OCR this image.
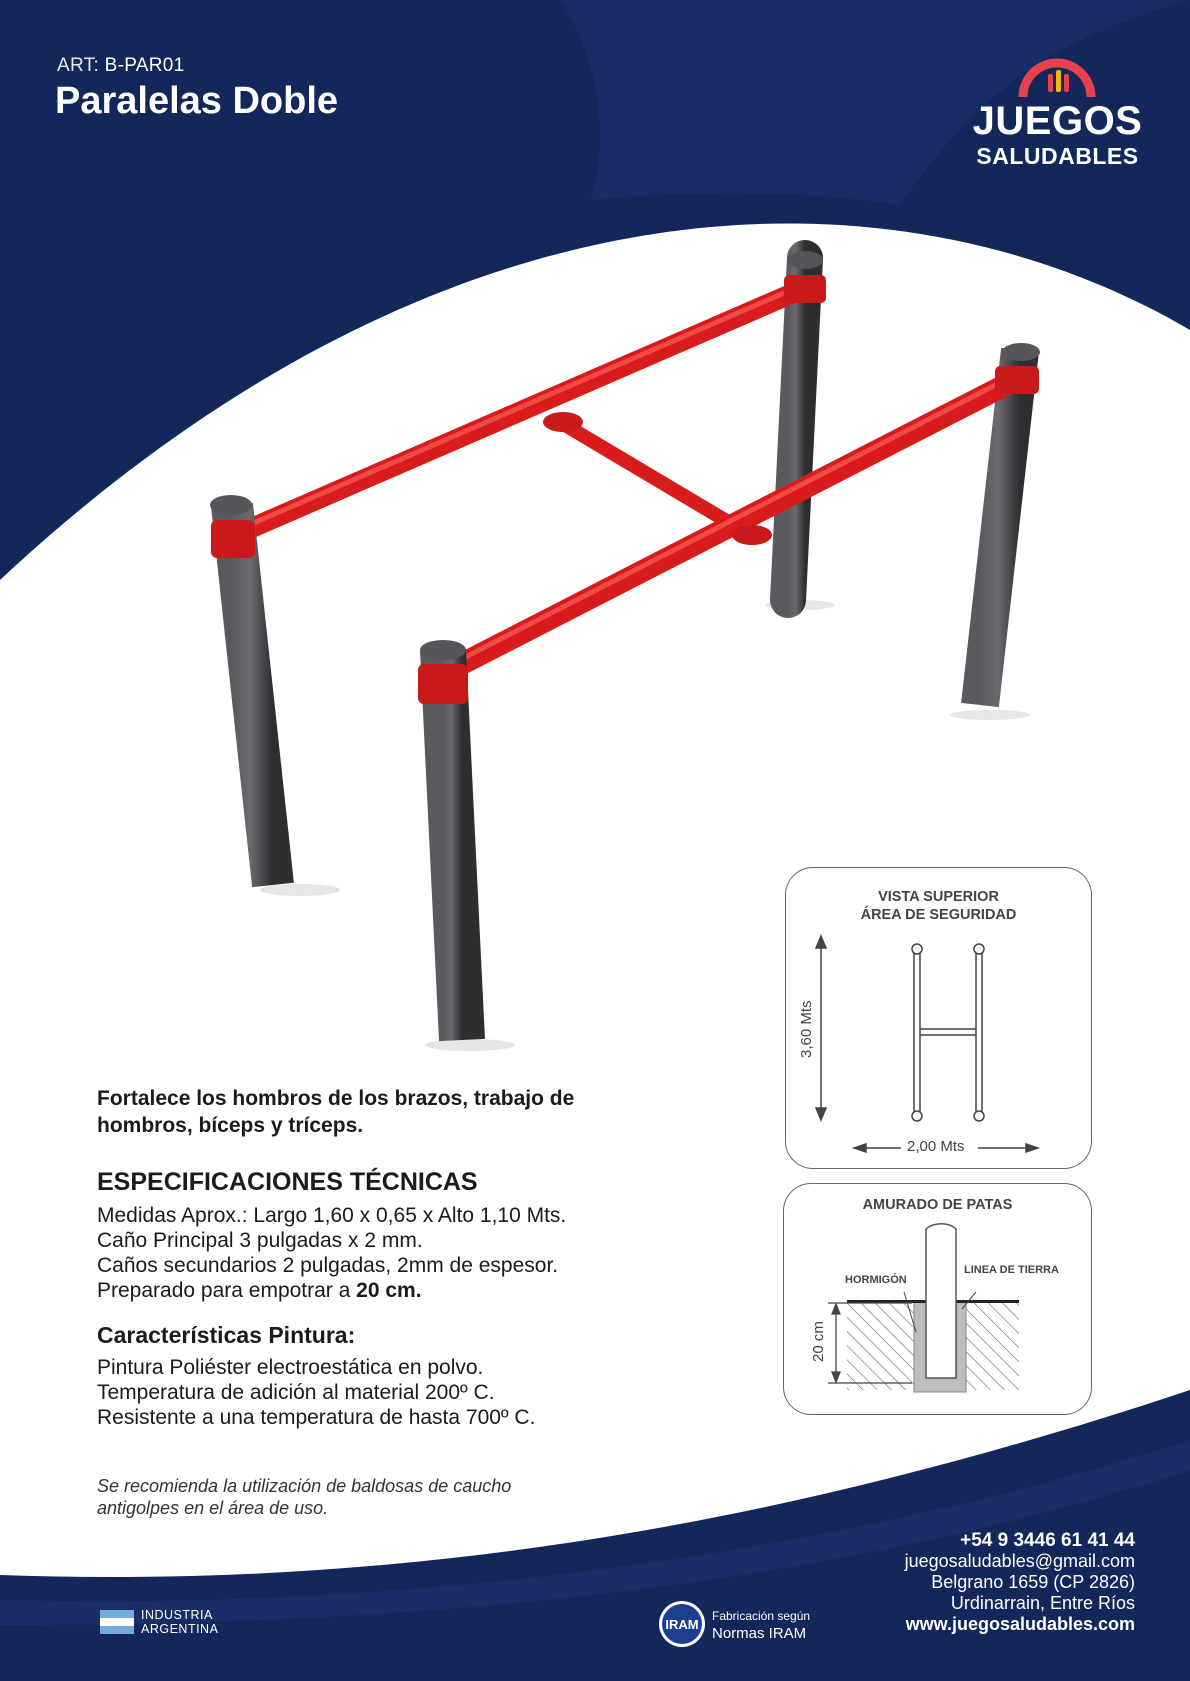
ART: B-PAR01
Paralelas Doble	JUEGOS
SALUDABLES

Fortalece los hombros de los brazos, trabajo de hombros, bíceps y tríceps.

ESPECIFICACIONES TÉCNICAS
Medidas Aprox.: Largo 1,60 x 0,65 x Alto 1,10 Mts.
Caño Principal 3 pulgadas x 2 mm.
Caños secundarios 2 pulgadas, 2mm de espesor.
Preparado para empotrar a 20 cm.
Características Pintura:
Pintura Poliéster electroestática en polvo.
Temperatura de adición al material 200º C.
Resistente a una temperatura de hasta 700º C.

Se recomienda la utilización de baldosas de caucho antigolpes en el área de uso.

VISTA SUPERIOR
ÁREA DE SEGURIDAD
3,60 Mts
2,00 Mts
AMURADO DE PATAS
HORMIGÓN
LINEA DE TIERRA
20 cm
+54 9 3446 61 41 44
juegosaludables@gmail.com
Belgrano 1659 (CP 2826)
Urdinarrain, Entre Ríos
www.juegosaludables.com
INDUSTRIA
ARGENTINA	IRAM
Fabricación según
Normas IRAM
